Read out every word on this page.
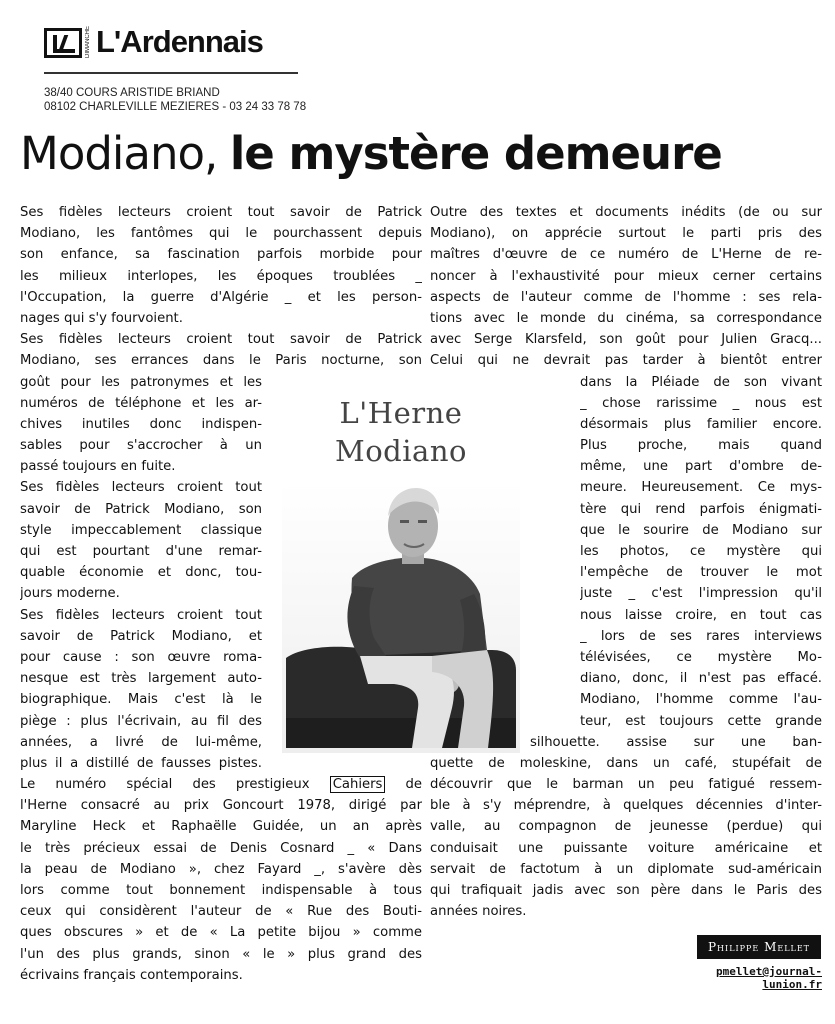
DIMANCHE L'Ardennais
38/40 COURS ARISTIDE BRIAND
08102 CHARLEVILLE MEZIERES - 03 24 33 78 78
Modiano, le mystère demeure
Ses fidèles lecteurs croient tout savoir de Patrick
Modiano, les fantômes qui le pourchassent depuis
son enfance, sa fascination parfois morbide pour
les milieux interlopes, les époques troublées _
l'Occupation, la guerre d'Algérie _ et les person-
nages qui s'y fourvoient.
Ses fidèles lecteurs croient tout savoir de Patrick
Modiano, ses errances dans le Paris nocturne, son
goût pour les patronymes et les
numéros de téléphone et les ar-
chives inutiles donc indispen-
sables pour s'accrocher à un
passé toujours en fuite.
Ses fidèles lecteurs croient tout
savoir de Patrick Modiano, son
style impeccablement classique
qui est pourtant d'une remar-
quable économie et donc, tou-
jours moderne.
Ses fidèles lecteurs croient tout
savoir de Patrick Modiano, et
pour cause : son œuvre roma-
nesque est très largement auto-
biographique. Mais c'est là le
piège : plus l'écrivain, au fil des
années, a livré de lui-même,
plus il a distillé de fausses pistes.
Le numéro spécial des prestigieux Cahiers de
l'Herne consacré au prix Goncourt 1978, dirigé par
Maryline Heck et Raphaëlle Guidée, un an après
le très précieux essai de Denis Cosnard _ « Dans
la peau de Modiano », chez Fayard _, s'avère dès
lors comme tout bonnement indispensable à tous
ceux qui considèrent l'auteur de « Rue des Bouti-
ques obscures » et de « La petite bijou » comme
l'un des plus grands, sinon « le » plus grand des
écrivains français contemporains.
Outre des textes et documents inédits (de ou sur
Modiano), on apprécie surtout le parti pris des
maîtres d'œuvre de ce numéro de L'Herne de re-
noncer à l'exhaustivité pour mieux cerner certains
aspects de l'auteur comme de l'homme : ses rela-
tions avec le monde du cinéma, sa correspondance
avec Serge Klarsfeld, son goût pour Julien Gracq...
Celui qui ne devrait pas tarder à bientôt entrer
dans la Pléiade de son vivant
_ chose rarissime _ nous est
désormais plus familier encore.
Plus proche, mais quand
même, une part d'ombre de-
meure. Heureusement. Ce mys-
tère qui rend parfois énigmati-
que le sourire de Modiano sur
les photos, ce mystère qui
l'empêche de trouver le mot
juste _ c'est l'impression qu'il
nous laisse croire, en tout cas
_ lors de ses rares interviews
télévisées, ce mystère Mo-
diano, donc, il n'est pas effacé.
Modiano, l'homme comme l'au-
teur, est toujours cette grande
silhouette. assise sur une ban-
quette de moleskine, dans un café, stupéfait de
découvrir que le barman un peu fatigué ressem-
ble à s'y méprendre, à quelques décennies d'inter-
valle, au compagnon de jeunesse (perdue) qui
conduisait une puissante voiture américaine et
servait de factotum à un diplomate sud-américain
qui trafiquait jadis avec son père dans le Paris des
années noires.
L'Herne
Modiano
Philippe Mellet
pmellet@journal-lunion.fr
